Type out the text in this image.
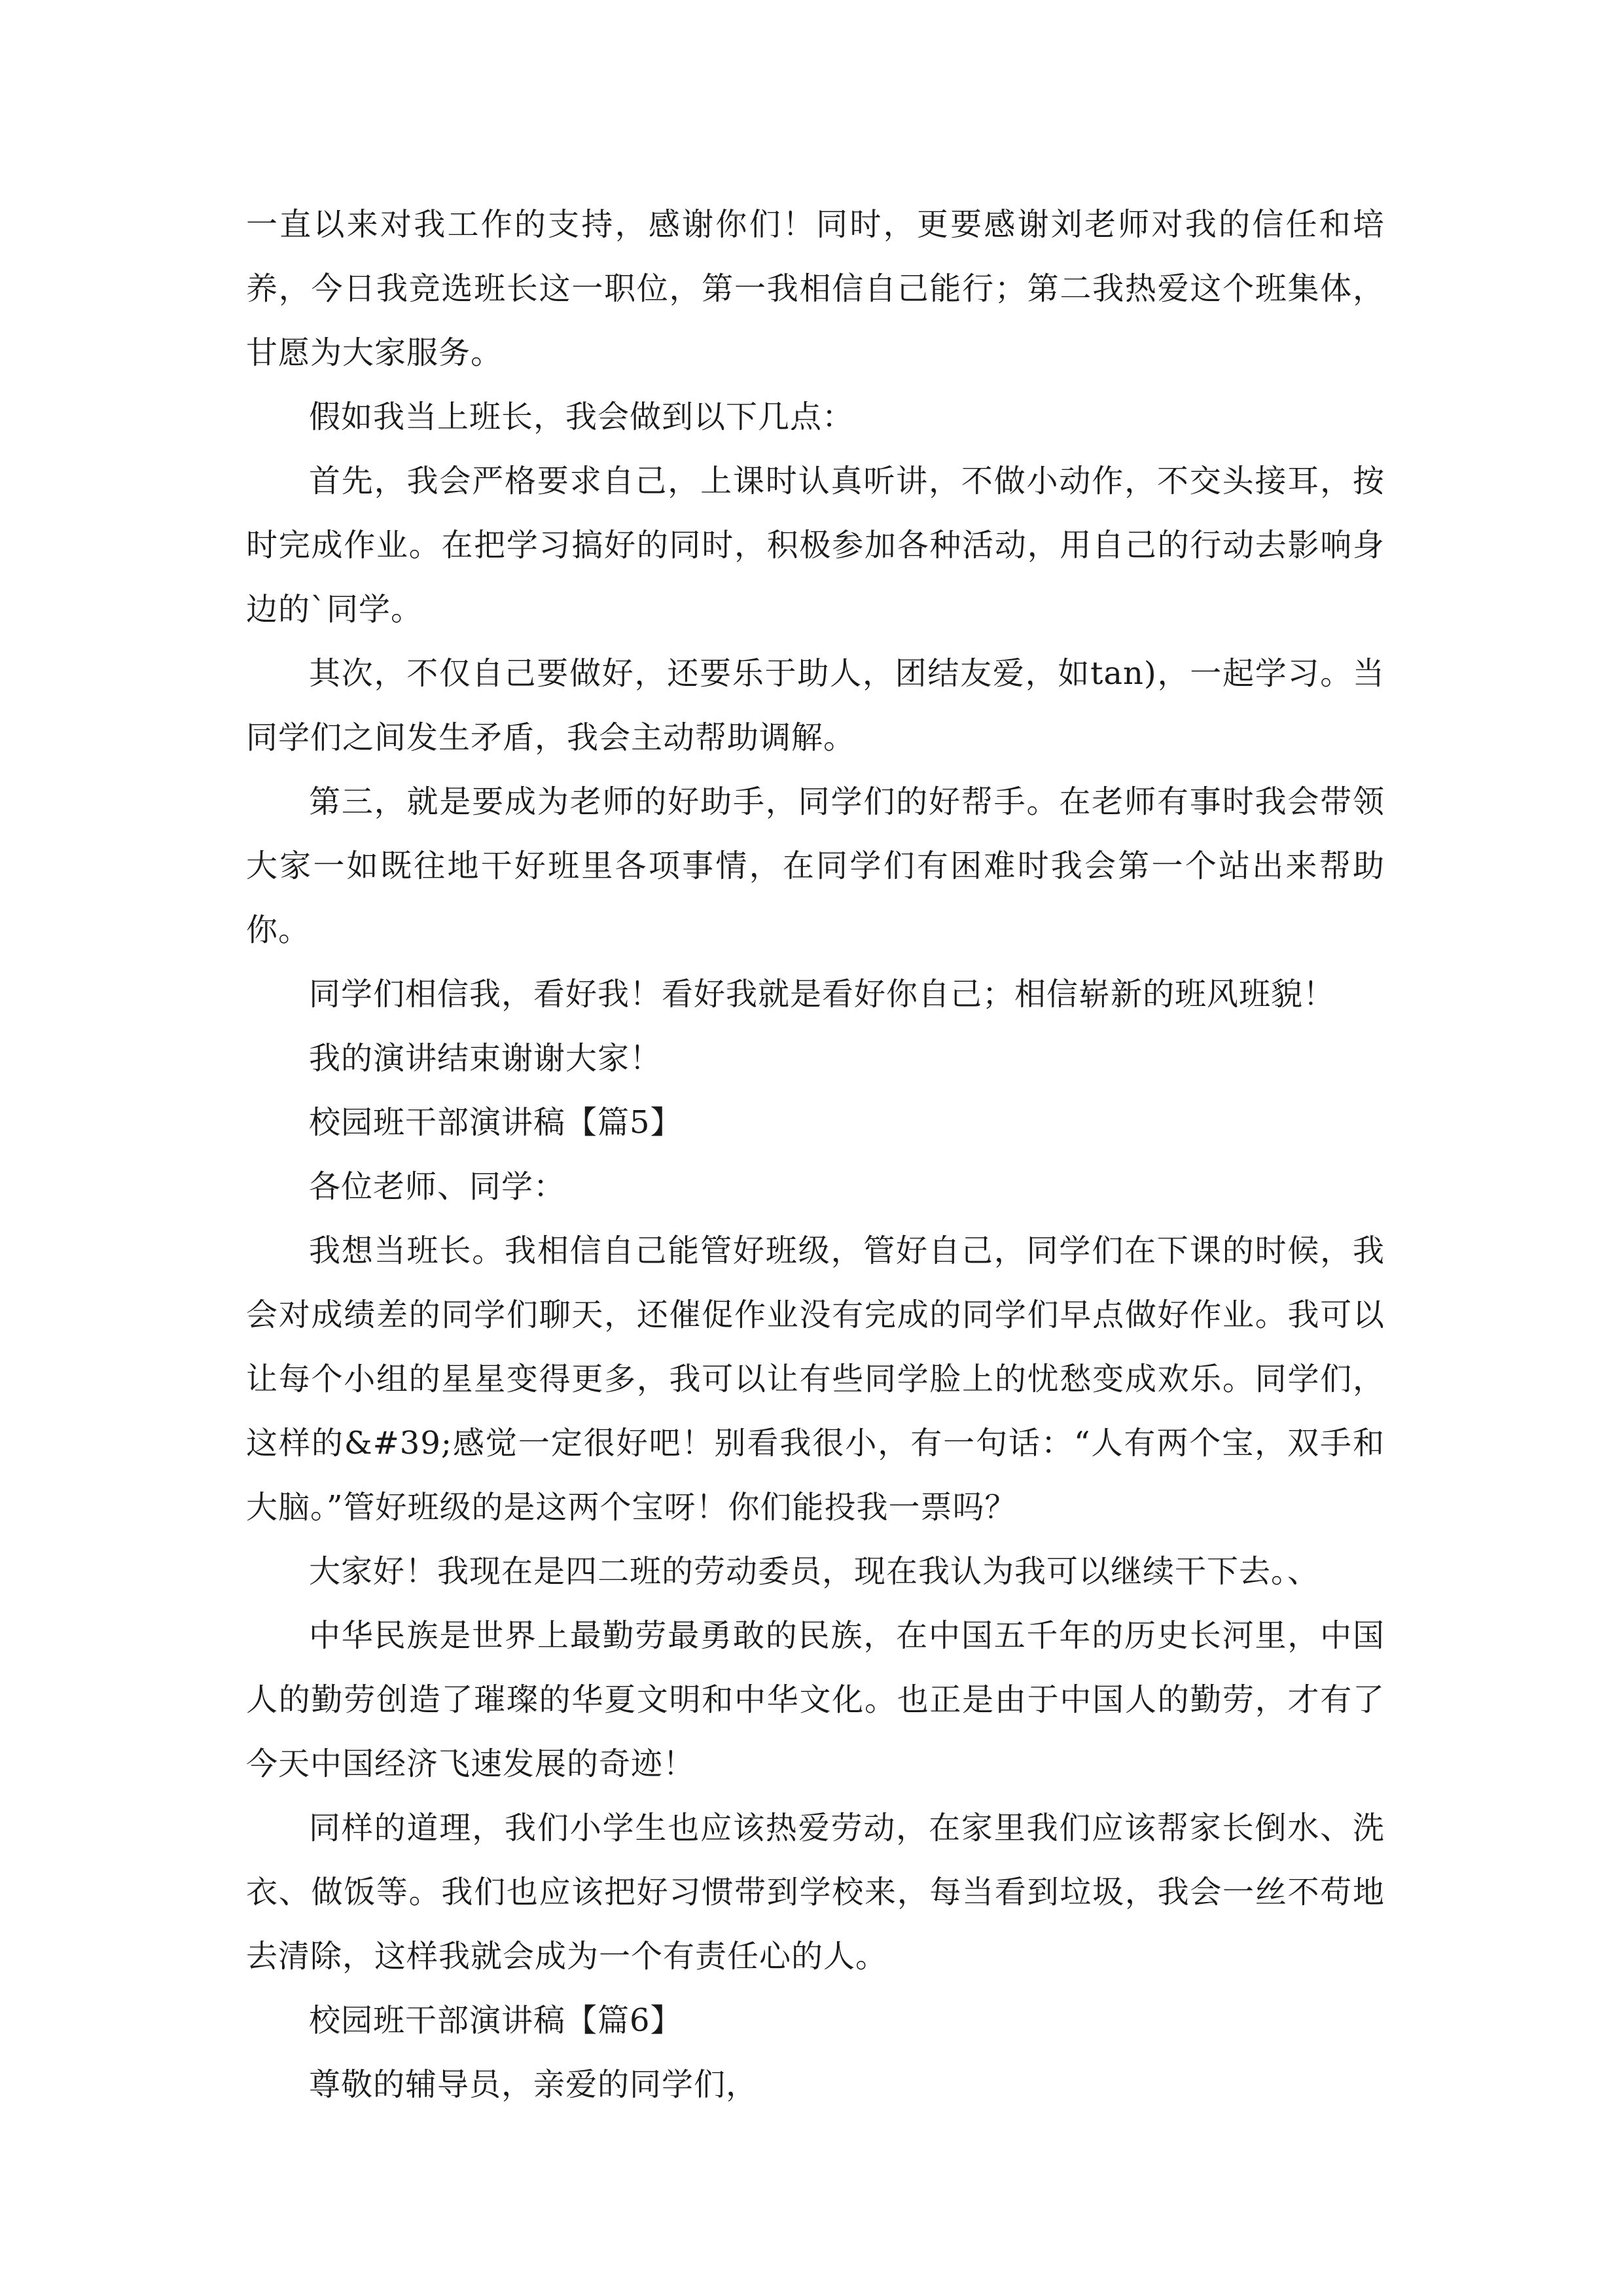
一直以来对我工作的支持，感谢你们！同时，更要感谢刘老师对我的信任和培养，今日我竞选班长这一职位，第一我相信自己能行；第二我热爱这个班集体，甘愿为大家服务。

假如我当上班长，我会做到以下几点：

首先，我会严格要求自己，上课时认真听讲，不做小动作，不交头接耳，按时完成作业。在把学习搞好的同时，积极参加各种活动，用自己的行动去影响身边的`同学。

其次，不仅自己要做好，还要乐于助人，团结友爱，如tan)，一起学习。当同学们之间发生矛盾，我会主动帮助调解。

第三，就是要成为老师的好助手，同学们的好帮手。在老师有事时我会带领大家一如既往地干好班里各项事情，在同学们有困难时我会第一个站出来帮助你。

同学们相信我，看好我！看好我就是看好你自己；相信崭新的班风班貌！

我的演讲结束谢谢大家！

校园班干部演讲稿【篇5】

各位老师、同学：

我想当班长。我相信自己能管好班级，管好自己，同学们在下课的时候，我会对成绩差的同学们聊天，还催促作业没有完成的同学们早点做好作业。我可以让每个小组的星星变得更多，我可以让有些同学脸上的忧愁变成欢乐。同学们，这样的&#39;感觉一定很好吧！别看我很小，有一句话：“人有两个宝，双手和大脑。”管好班级的是这两个宝呀！你们能投我一票吗？

大家好！我现在是四二班的劳动委员，现在我认为我可以继续干下去。、

中华民族是世界上最勤劳最勇敢的民族，在中国五千年的历史长河里，中国人的勤劳创造了璀璨的华夏文明和中华文化。也正是由于中国人的勤劳，才有了今天中国经济飞速发展的奇迹！

同样的道理，我们小学生也应该热爱劳动，在家里我们应该帮家长倒水、洗衣、做饭等。我们也应该把好习惯带到学校来，每当看到垃圾，我会一丝不苟地去清除，这样我就会成为一个有责任心的人。

校园班干部演讲稿【篇6】

尊敬的辅导员，亲爱的同学们，
